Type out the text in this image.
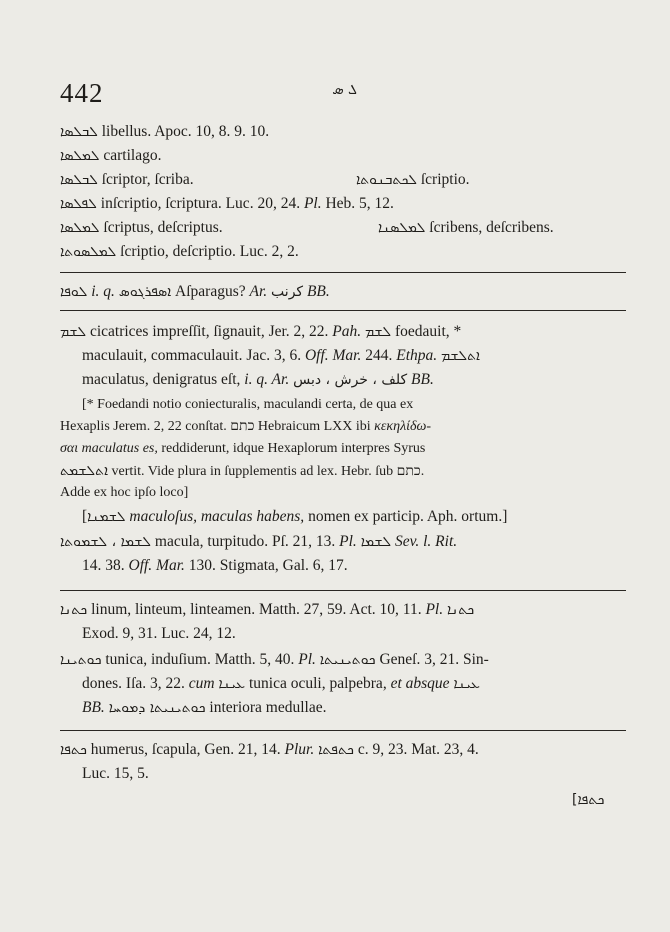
442	ܠ ܣ
ܠܒܠܣܐ libellus. Apoc. 10, 8. 9. 10.
ܠܡܠܣܐ cartilago.
ܠܒܠܣܐ ſcriptor, ſcriba.	ܠܟܬܒܢܘܬܐ ſcriptio.
ܠܦܠܣܐ inſcriptio, ſcriptura. Luc. 20, 24. Pl. Heb. 5, 12.
ܠܡܠܣܐ ſcriptus, deſcriptus.	ܠܡܠܣܢܐ ſcribens, deſcribens.
ܠܡܠܣܘܬܐ ſcriptio, deſcriptio. Luc. 2, 2.
ܠܘܦܐ i. q. ܐܣܦܪܓܘܣ Aſparagus? Ar. كرنب BB.
ܠܫܡ cicatrices impreſſit, ſignauit, Jer. 2, 22. Pah. ܠܫܡ foedauit, *
maculauit, commaculauit. Jac. 3, 6. Off. Mar. 244. Ethpa. ܐܬܠܫܡ
maculatus, denigratus eſt, i. q. Ar. كلف ، خرش ، دبس BB.
[* Foedandi notio coniecturalis, maculandi certa, de qua ex
Hexaplis Jerem. 2, 22 conſtat. כתם Hebraicum LXX ibi κεκηλίδω-
σαι maculatus es, reddiderunt, idque Hexaplorum interpres Syrus
ܐܬܠܫܡܬ vertit. Vide plura in ſupplementis ad lex. Hebr. ſub כתם.
Adde ex hoc ipſo loco]
[ܠܫܡܢܐ maculoſus, maculas habens, nomen ex particip. Aph. ortum.]
ܠܫܡܐ ، ܠܫܡܘܬܐ macula, turpitudo. Pſ. 21, 13. Pl. ܠܫܡܐ Sev. l. Rit.
14. 38. Off. Mar. 130. Stigmata, Gal. 6, 17.
ܟܬܢܐ linum, linteum, linteamen. Matth. 27, 59. Act. 10, 11. Pl. ܟܬܢܐ
Exod. 9, 31. Luc. 24, 12.
ܟܘܬܝܢܐ tunica, induſium. Matth. 5, 40. Pl. ܟܘܬܝܢܝܬܐ Geneſ. 3, 21. Sin-
dones. Iſa. 3, 22. cum ܥܝܢܐ tunica oculi, palpebra, et absque ܥܝܢܐ
BB. ܟܘܬܝܢܝܬܐ ܕܡܘܚܐ interiora medullae.
ܟܬܦܐ humerus, ſcapula, Gen. 21, 14. Plur. ܟܬܦܬܐ c. 9, 23. Mat. 23, 4.
Luc. 15, 5.
[ܟܬܦܐ
